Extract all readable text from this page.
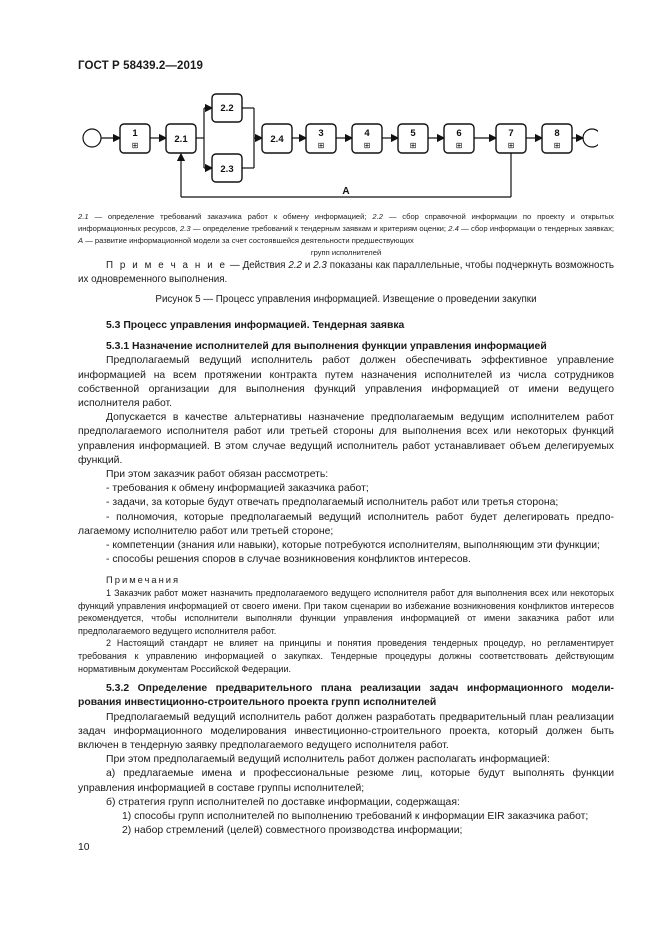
ГОСТ Р 58439.2—2019
1
2.1
2.2
2.3
2.4
3	4	5	6	7	8
А
⊞	⊞	⊞	⊞	⊞	⊞	⊞
2.1 — определение требований заказчика работ к обмену информацией; 2.2 — сбор справочной информации по проекту и открытых информационных ресурсов, 2.3 — определение требований к тендерным заявкам и критериям оценки; 2.4 — сбор информации о тендерных заявках; А — развитие информационной модели за счет состоявшейся деятельности предшествующих
групп исполнителей
П р и м е ч а н и е — Действия 2.2 и 2.3 показаны как параллельные, чтобы подчеркнуть возможность их одновременного выполнения.
Рисунок 5 — Процесс управления информацией. Извещение о проведении закупки

5.3 Процесс управления информацией. Тендерная заявка

5.3.1 Назначение исполнителей для выполнения функции управления информацией

Предполагаемый ведущий исполнитель работ должен обеспечивать эффективное управление информацией на всем протяжении контракта путем назначения исполнителей из числа сотрудников собственной организации для выполнения функций управления информацией от имени ведущего исполнителя работ.

Допускается в качестве альтернативы назначение предполагаемым ведущим исполнителем работ предполагаемого исполнителя работ или третьей стороны для выполнения всех или некоторых функций управления информацией. В этом случае ведущий исполнитель работ устанавливает объем делегируемых функций.

При этом заказчик работ обязан рассмотреть:

- требования к обмену информацией заказчика работ;

- задачи, за которые будут отвечать предполагаемый исполнитель работ или третья сторона;

- полномочия, которые предполагаемый ведущий исполнитель работ будет делегировать предполагаемому исполнителю работ или третьей стороне;

- компетенции (знания или навыки), которые потребуются исполнителям, выполняющим эти функции;

- способы решения споров в случае возникновения конфликтов интересов.

Примечания

1 Заказчик работ может назначить предполагаемого ведущего исполнителя работ для выполнения всех или некоторых функций управления информацией от своего имени. При таком сценарии во избежание возникновения конфликтов интересов рекомендуется, чтобы исполнители выполняли функции управления информацией от имени заказчика работ или предполагаемого ведущего исполнителя работ.

2 Настоящий стандарт не влияет на принципы и понятия проведения тендерных процедур, но регламентирует требования к управлению информацией о закупках. Тендерные процедуры должны соответствовать действующим нормативным документам Российской Федерации.

5.3.2 Определение предварительного плана реализации задач информационного моделирования инвестиционно-строительного проекта групп исполнителей

Предполагаемый ведущий исполнитель работ должен разработать предварительный план реализации задач информационного моделирования инвестиционно-строительного проекта, который должен быть включен в тендерную заявку предполагаемого ведущего исполнителя работ.

При этом предполагаемый ведущий исполнитель работ должен располагать информацией:

а) предлагаемые имена и профессиональные резюме лиц, которые будут выполнять функции управления информацией в составе группы исполнителей;

б) стратегия групп исполнителей по доставке информации, содержащая:

1) способы групп исполнителей по выполнению требований к информации EIR заказчика работ;

2) набор стремлений (целей) совместного производства информации;

10
